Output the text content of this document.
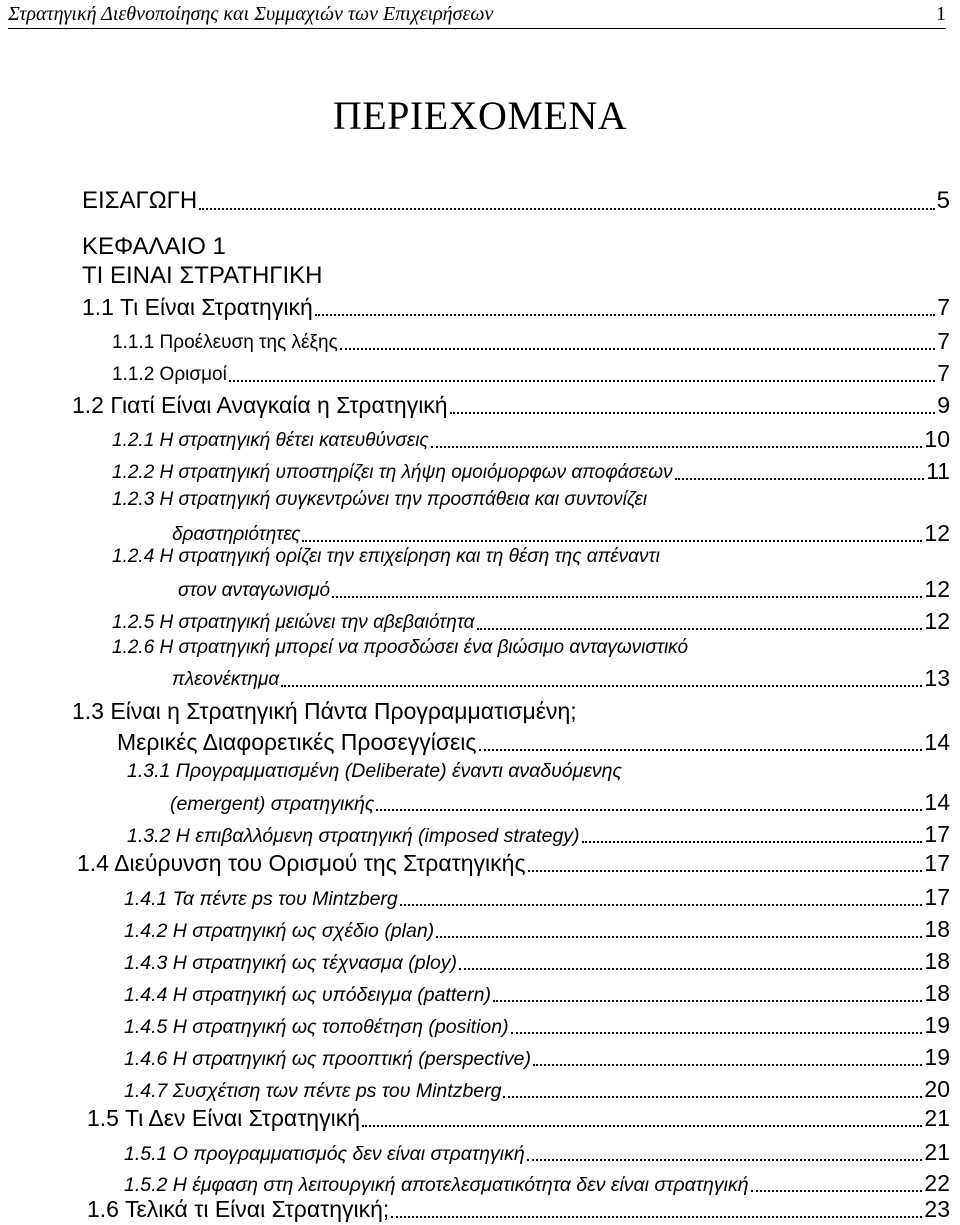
Στρατηγική Διεθνοποίησης και Συμμαχιών των Επιχειρήσεων	1
ΠΕΡΙΕΧΟΜΕΝΑ
ΕΙΣΑΓΩΓΗ	5
ΚΕΦΑΛΑΙΟ 1
ΤΙ ΕΙΝΑΙ ΣΤΡΑΤΗΓΙΚΗ
1.1 Τι Είναι Στρατηγική	7
1.1.1 Προέλευση της λέξης	7
1.1.2 Ορισμοί	7
1.2 Γιατί Είναι Αναγκαία η Στρατηγική	9
1.2.1 Η στρατηγική θέτει κατευθύνσεις	10
1.2.2 Η στρατηγική υποστηρίζει τη λήψη ομοιόμορφων αποφάσεων	11
1.2.3 Η στρατηγική συγκεντρώνει την προσπάθεια και συντονίζει
δραστηριότητες	12
1.2.4 Η στρατηγική ορίζει την επιχείρηση και τη θέση της απέναντι
στον ανταγωνισμό	12
1.2.5 Η στρατηγική μειώνει την αβεβαιότητα	12
1.2.6 Η στρατηγική μπορεί να προσδώσει ένα βιώσιμο ανταγωνιστικό
πλεονέκτημα	13
1.3 Είναι η Στρατηγική Πάντα Προγραμματισμένη;
Μερικές Διαφορετικές Προσεγγίσεις	14
1.3.1 Προγραμματισμένη (Deliberate) έναντι αναδυόμενης
(emergent) στρατηγικής	14
1.3.2 Η επιβαλλόμενη στρατηγική (imposed strategy)	17
1.4 Διεύρυνση του Ορισμού της Στρατηγικής	17
1.4.1 Τα πέντε ps του Mintzberg	17
1.4.2 Η στρατηγική ως σχέδιο (plan)	18
1.4.3 Η στρατηγική ως τέχνασμα (ploy)	18
1.4.4 Η στρατηγική ως υπόδειγμα (pattern)	18
1.4.5 Η στρατηγική ως τοποθέτηση (position)	19
1.4.6 Η στρατηγική ως προοπτική (perspective)	19
1.4.7 Συσχέτιση των πέντε ps του Mintzberg	20
1.5 Τι Δεν Είναι Στρατηγική	21
1.5.1 Ο προγραμματισμός δεν είναι στρατηγική	21
1.5.2 Η έμφαση στη λειτουργική αποτελεσματικότητα δεν είναι στρατηγική	22
1.6 Τελικά τι Είναι Στρατηγική;	23
